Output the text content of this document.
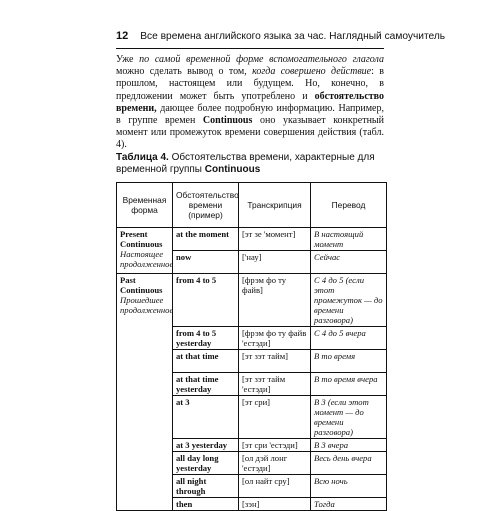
12 Все времена английского языка за час. Наглядный самоучитель
Уже по самой временной форме вспомогательного глагола можно сделать вывод о том, когда совершено действие: в прошлом, настоящем или будущем. Но, конечно, в предложении может быть употреблено и обстоятельство времени, дающее более подробную информацию. Например, в группе времен Continuous оно указывает конкретный момент или промежуток времени совершения действия (табл. 4).
Таблица 4. Обстоятельства времени, характерные для временной группы Continuous
Временная форма	Обстоятельство времени (пример)	Транскрипция	Перевод

Present Continuous
Настоящее продолженное	at the moment	[эт зе 'момент]	В настоящий момент
	now	['нау]	Сейчас

Past Continuous
Прошедшее продолженное	from 4 to 5	[фрэм фо ту файв]	С 4 до 5 (если этот промежуток — до времени разговора)
	from 4 to 5 yesterday	[фрэм фо ту файв 'естэди]	С 4 до 5 вчера
	at that time	[эт зэт тайм]	В то время
	at that time yesterday	[эт зэт тайм 'естэди]	В то время вчера
	at 3	[эт сри]	В 3 (если этот момент — до времени разговора)
	at 3 yesterday	[эт сри 'естэди]	В 3 вчера
	all day long yesterday	[ол дэй лонг 'естэди]	Весь день вчера
	all night through	[ол найт сру]	Всю ночь
	then	[зэн]	Тогда
